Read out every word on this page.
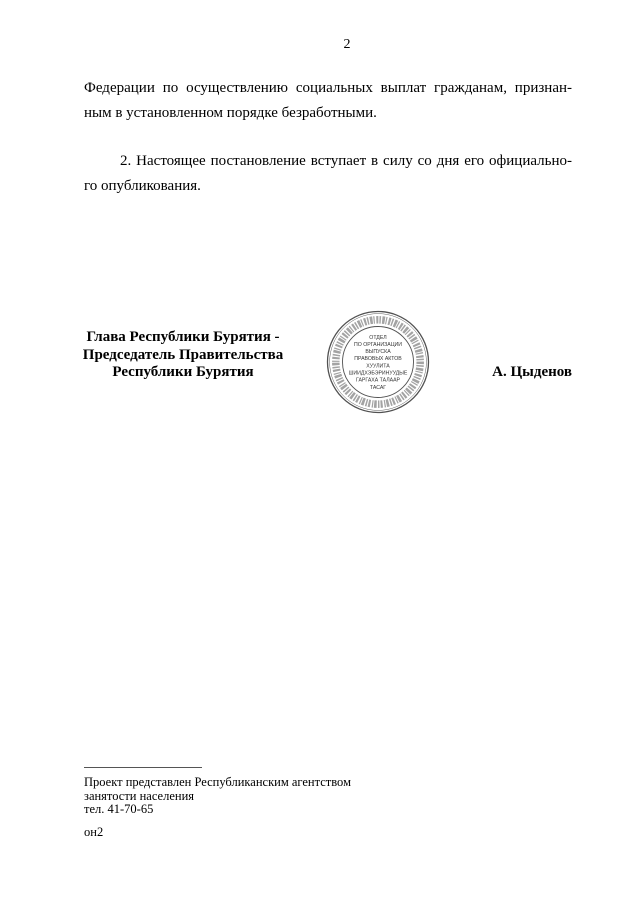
2
Федерации по осуществлению социальных выплат гражданам, признан-
ным в установленном порядке безработными.
2. Настоящее постановление вступает в силу со дня его официально-
го опубликования.
Глава Республики Бурятия -
Председатель Правительства
Республики Бурятия
ОТДЕЛ
ПО ОРГАНИЗАЦИИ
ВЫПУСКА
ПРАВОВЫХ АКТОВ
ХУУЛИТА
ШИИДХЭБЭРИНУУДЫЕ
ГАРГАХА ТАЛААР
ТАСАГ
А. Цыденов
Проект представлен Республиканским агентством
занятости населения
тел. 41-70-65
он2
